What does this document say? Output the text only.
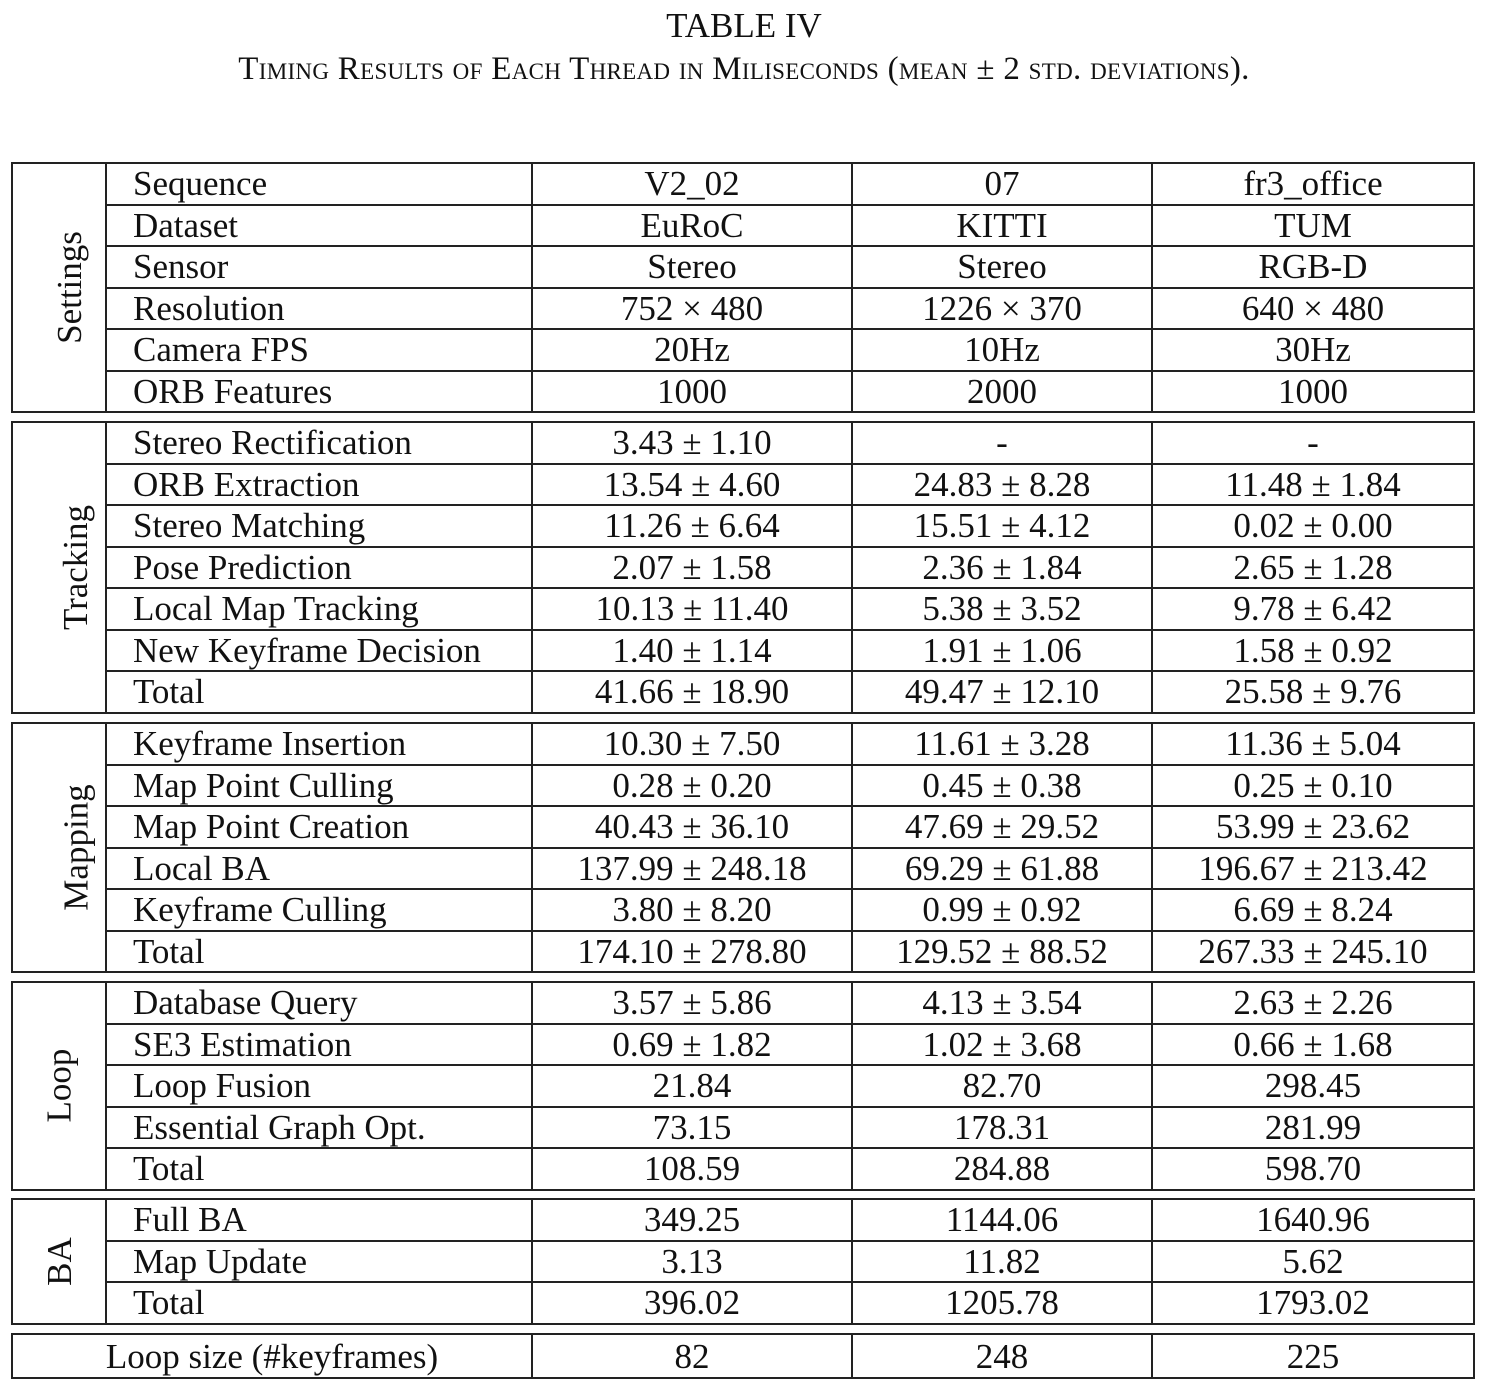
TABLE IV
Timing Results of Each Thread in Miliseconds (mean ± 2 std. deviations).
Settings	Sequence	V2_02	07	fr3_office
	Dataset	EuRoC	KITTI	TUM
	Sensor	Stereo	Stereo	RGB-D
	Resolution	752 × 480	1226 × 370	640 × 480
	Camera FPS	20Hz	10Hz	30Hz
	ORB Features	1000	2000	1000
Tracking	Stereo Rectification	3.43 ± 1.10	-	-
	ORB Extraction	13.54 ± 4.60	24.83 ± 8.28	11.48 ± 1.84
	Stereo Matching	11.26 ± 6.64	15.51 ± 4.12	0.02 ± 0.00
	Pose Prediction	2.07 ± 1.58	2.36 ± 1.84	2.65 ± 1.28
	Local Map Tracking	10.13 ± 11.40	5.38 ± 3.52	9.78 ± 6.42
	New Keyframe Decision	1.40 ± 1.14	1.91 ± 1.06	1.58 ± 0.92
	Total	41.66 ± 18.90	49.47 ± 12.10	25.58 ± 9.76
Mapping	Keyframe Insertion	10.30 ± 7.50	11.61 ± 3.28	11.36 ± 5.04
	Map Point Culling	0.28 ± 0.20	0.45 ± 0.38	0.25 ± 0.10
	Map Point Creation	40.43 ± 36.10	47.69 ± 29.52	53.99 ± 23.62
	Local BA	137.99 ± 248.18	69.29 ± 61.88	196.67 ± 213.42
	Keyframe Culling	3.80 ± 8.20	0.99 ± 0.92	6.69 ± 8.24
	Total	174.10 ± 278.80	129.52 ± 88.52	267.33 ± 245.10
Loop	Database Query	3.57 ± 5.86	4.13 ± 3.54	2.63 ± 2.26
	SE3 Estimation	0.69 ± 1.82	1.02 ± 3.68	0.66 ± 1.68
	Loop Fusion	21.84	82.70	298.45
	Essential Graph Opt.	73.15	178.31	281.99
	Total	108.59	284.88	598.70
BA	Full BA	349.25	1144.06	1640.96
	Map Update	3.13	11.82	5.62
	Total	396.02	1205.78	1793.02
Loop size (#keyframes)	82	248	225
